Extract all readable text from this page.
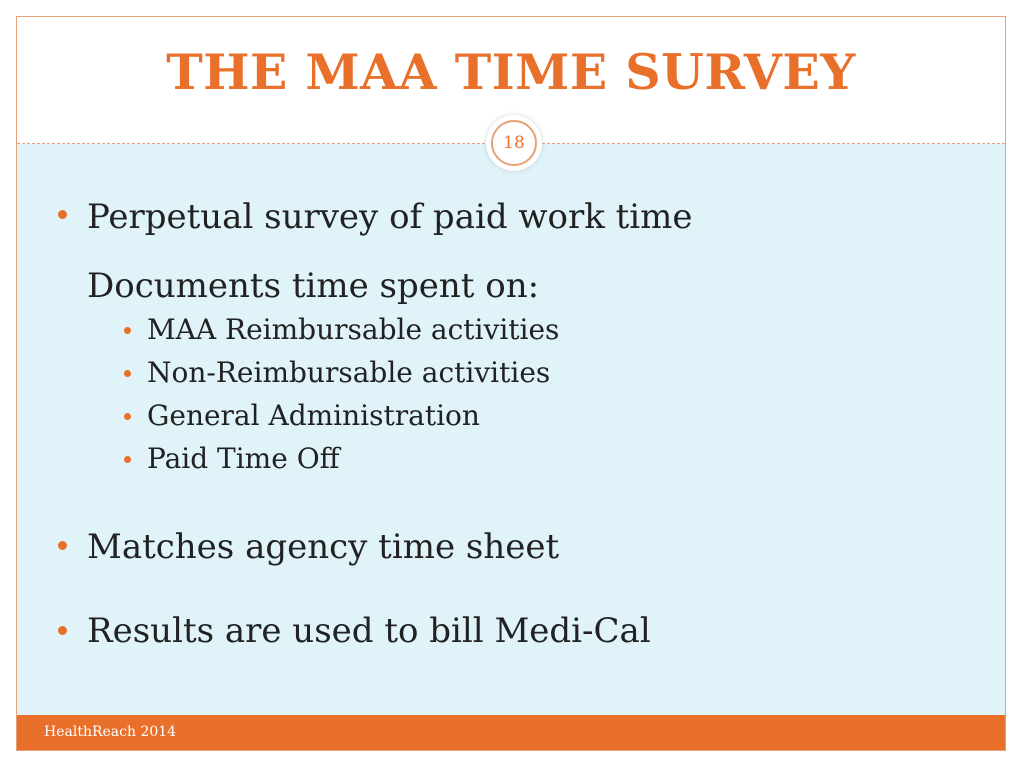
THE MAA TIME SURVEY
Perpetual survey of paid work time
Documents time spent on:
MAA Reimbursable activities
Non-Reimbursable activities
General Administration
Paid Time Off
Matches agency time sheet
Results are used to bill Medi-Cal
18
HealthReach 2014
